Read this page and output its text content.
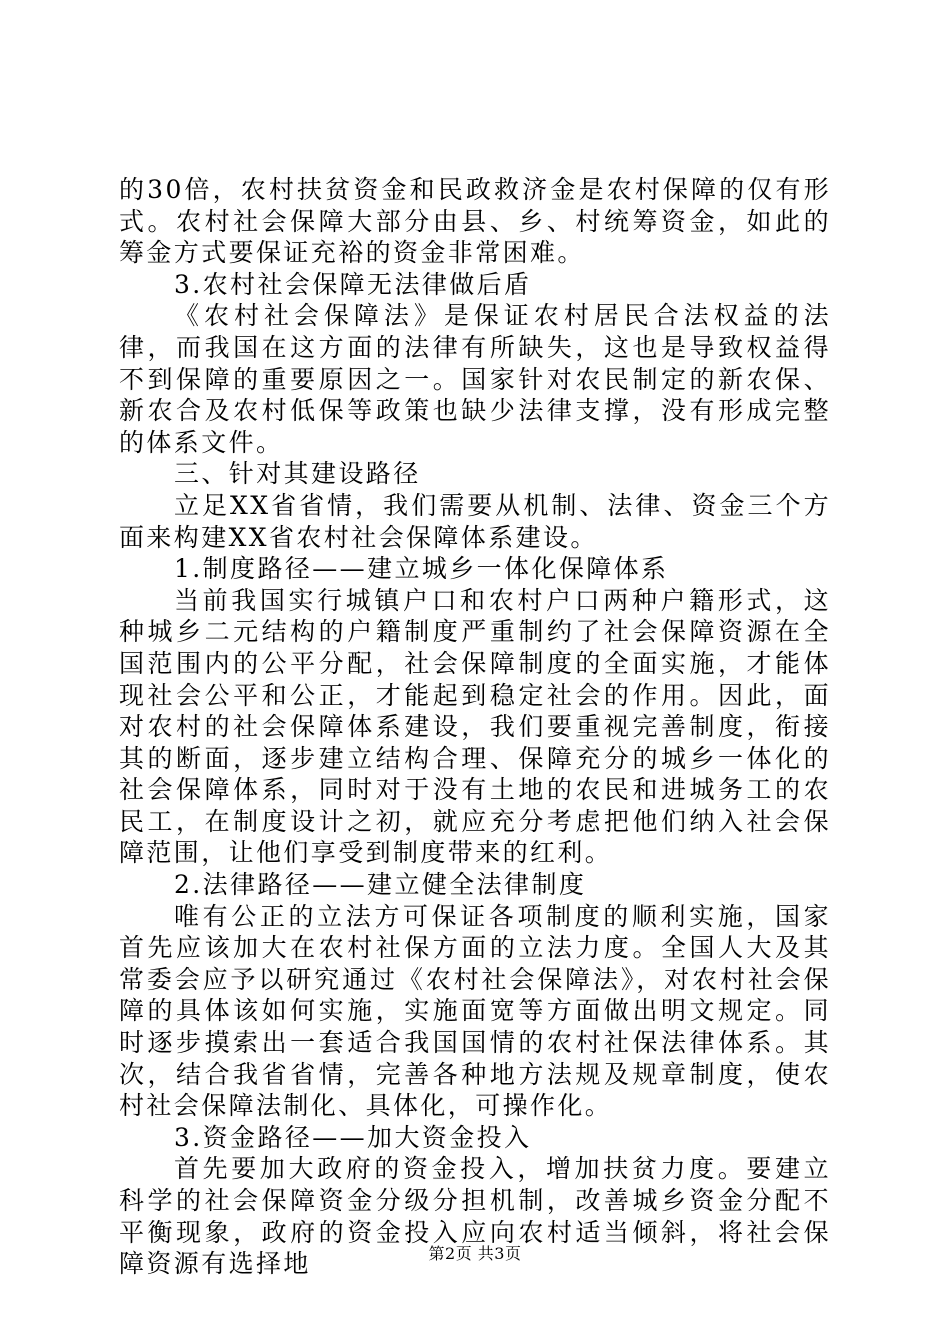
的30倍，农村扶贫资金和民政救济金是农村保障的仅有形式。农村社会保障大部分由县、乡、村统筹资金，如此的筹金方式要保证充裕的资金非常困难。

3.农村社会保障无法律做后盾

《农村社会保障法》是保证农村居民合法权益的法律，而我国在这方面的法律有所缺失，这也是导致权益得不到保障的重要原因之一。国家针对农民制定的新农保、新农合及农村低保等政策也缺少法律支撑，没有形成完整的体系文件。

三、针对其建设路径

立足XX省省情，我们需要从机制、法律、资金三个方面来构建XX省农村社会保障体系建设。

1.制度路径——建立城乡一体化保障体系

当前我国实行城镇户口和农村户口两种户籍形式，这种城乡二元结构的户籍制度严重制约了社会保障资源在全国范围内的公平分配，社会保障制度的全面实施，才能体现社会公平和公正，才能起到稳定社会的作用。因此，面对农村的社会保障体系建设，我们要重视完善制度，衔接其的断面，逐步建立结构合理、保障充分的城乡一体化的社会保障体系，同时对于没有土地的农民和进城务工的农民工，在制度设计之初，就应充分考虑把他们纳入社会保障范围，让他们享受到制度带来的红利。

2.法律路径——建立健全法律制度

唯有公正的立法方可保证各项制度的顺利实施，国家首先应该加大在农村社保方面的立法力度。全国人大及其常委会应予以研究通过《农村社会保障法》，对农村社会保障的具体该如何实施，实施面宽等方面做出明文规定。同时逐步摸索出一套适合我国国情的农村社保法律体系。其次，结合我省省情，完善各种地方法规及规章制度，使农村社会保障法制化、具体化，可操作化。

3.资金路径——加大资金投入

首先要加大政府的资金投入，增加扶贫力度。要建立科学的社会保障资金分级分担机制，改善城乡资金分配不平衡现象，政府的资金投入应向农村适当倾斜，将社会保障资源有选择地	第2页 共3页
